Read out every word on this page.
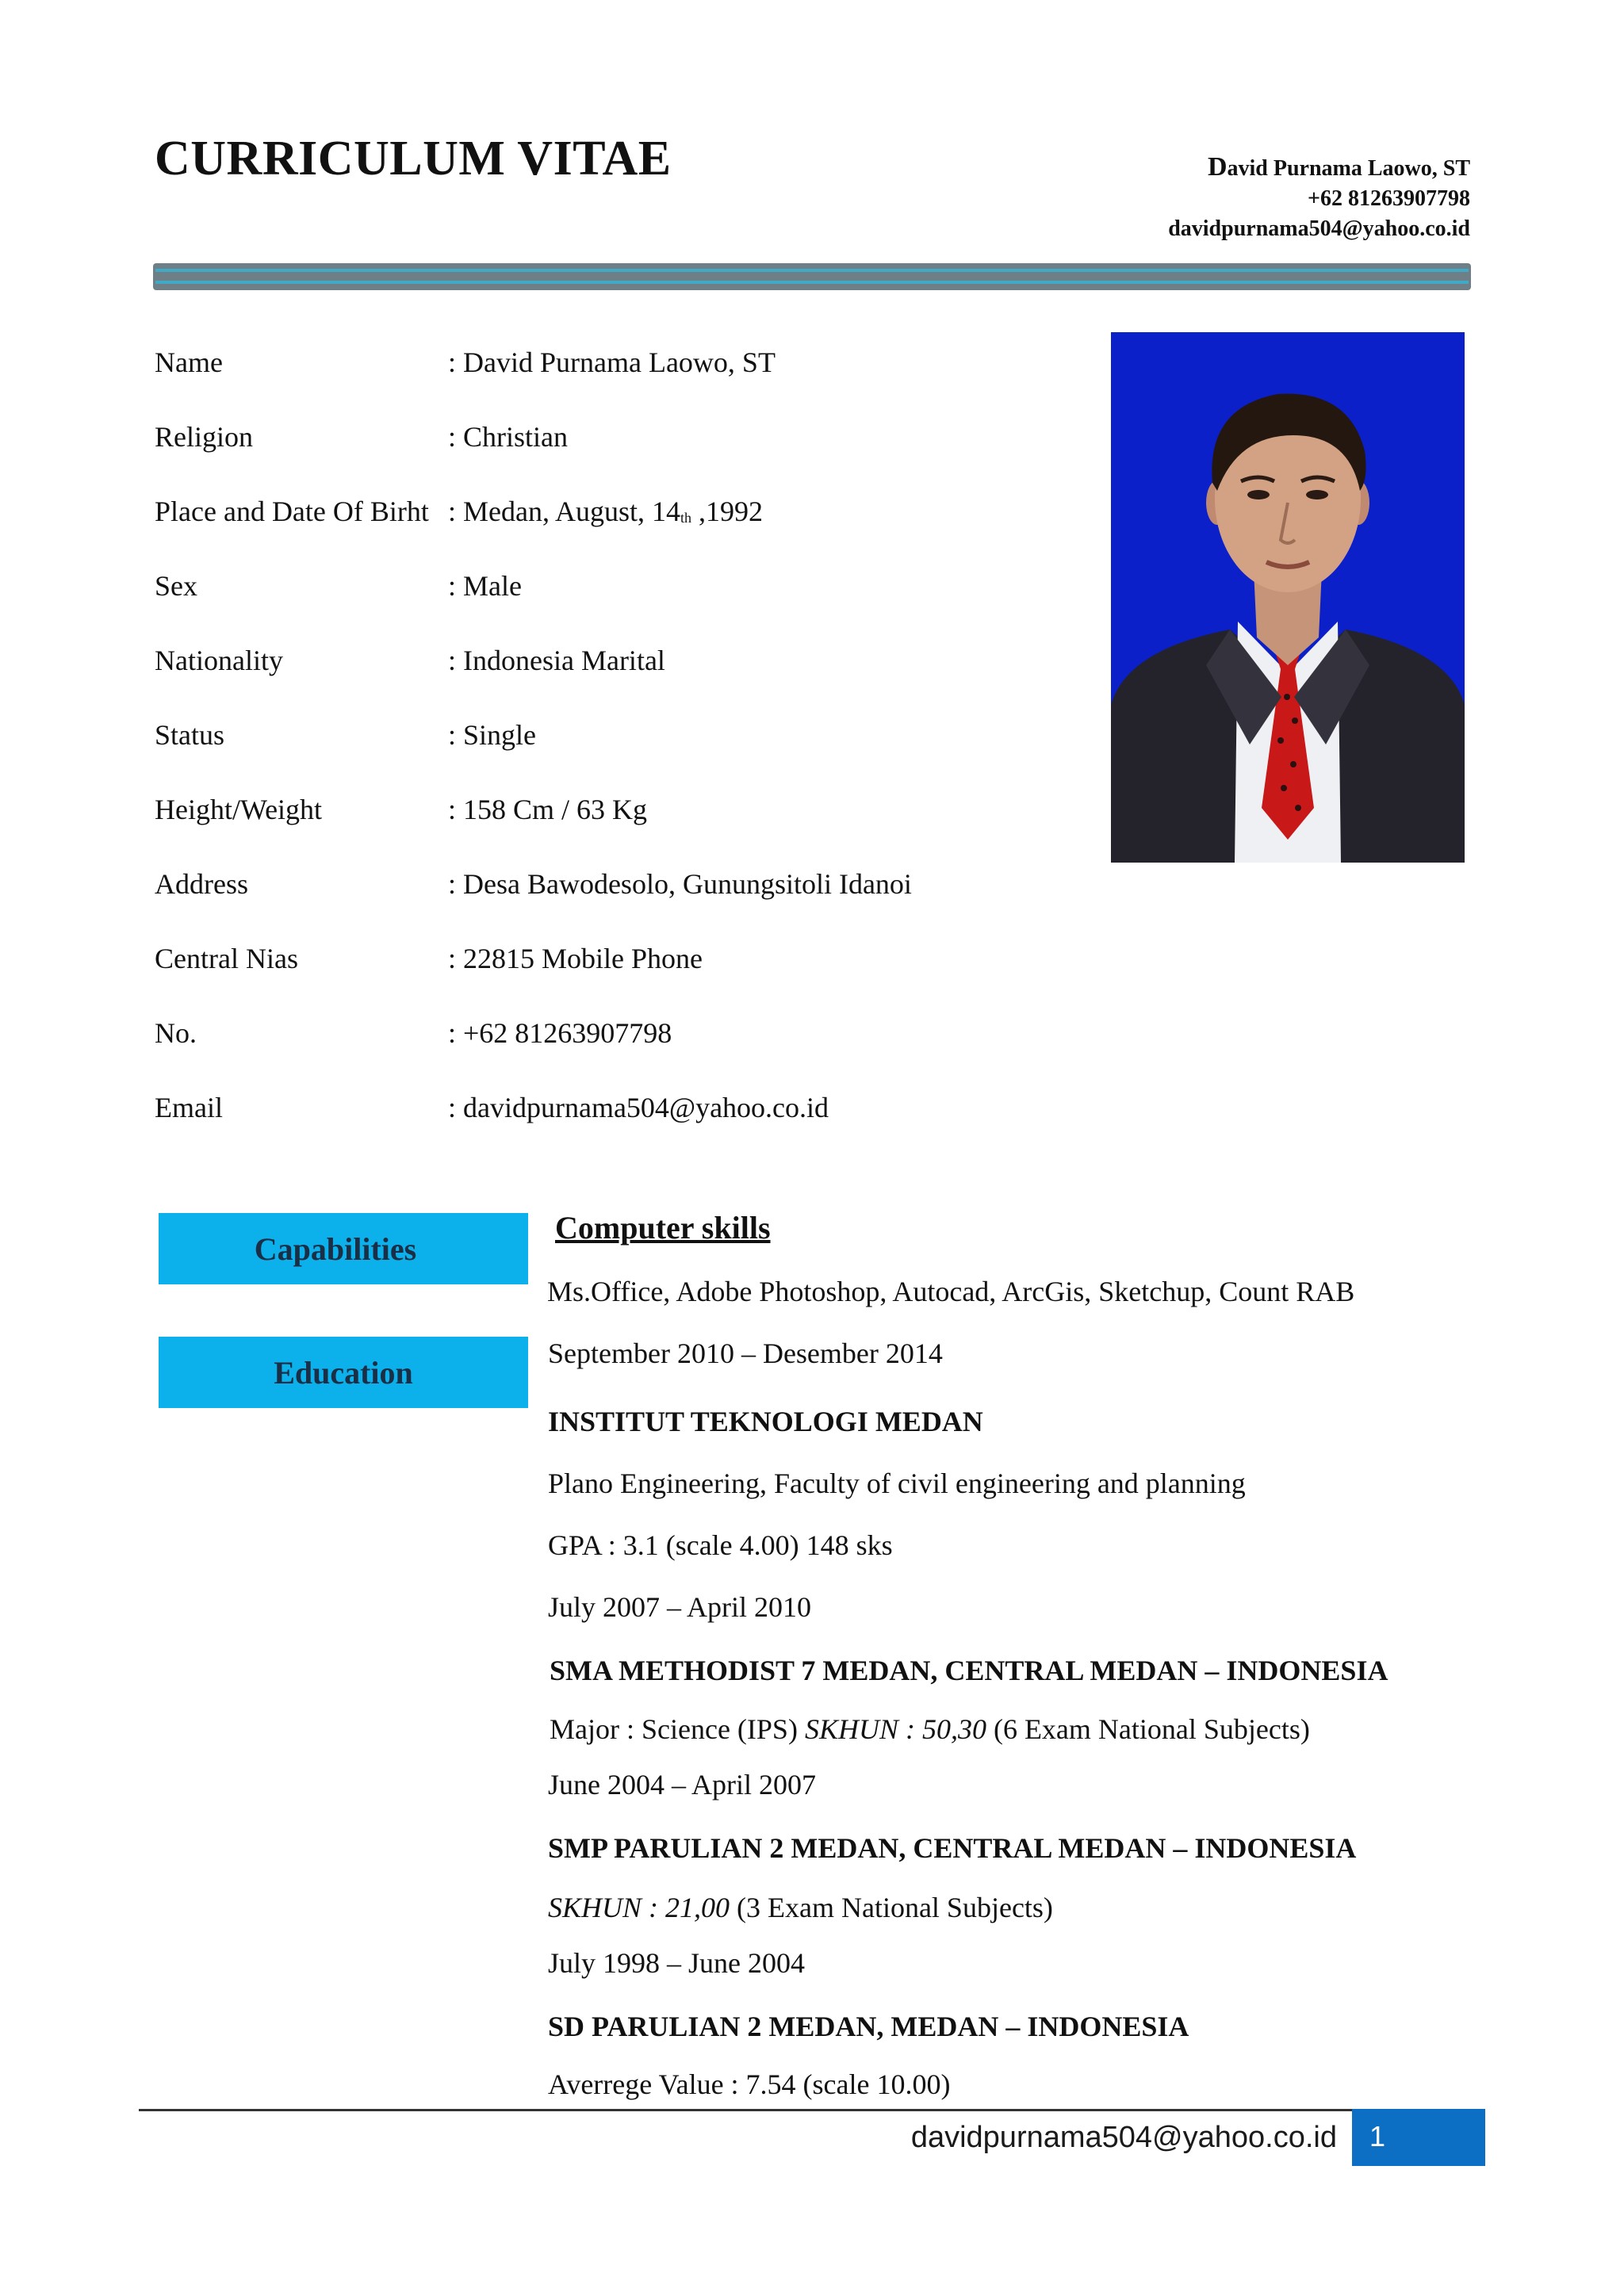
CURRICULUM VITAE	David Purnama Laowo, ST
+62 81263907798
davidpurnama504@yahoo.co.id
Name	: David Purnama Laowo, ST
Religion	: Christian
Place and Date Of Birht : Medan, August, $14_{th}$ ,1992
Sex	: Male
Nationality	: Indonesia Marital
Status	: Single
Height/Weight	: 158 Cm / 63 Kg
Address	: Desa Bawodesolo, Gunungsitoli Idanoi
Central Nias	: 22815 Mobile Phone
No.	: +62 81263907798
Email	: davidpurnama504@yahoo.co.id
Capabilities
Education
Computer skills
Ms.Office, Adobe Photoshop, Autocad, ArcGis, Sketchup, Count RAB
September 2010 – Desember 2014
INSTITUT TEKNOLOGI MEDAN
Plano Engineering, Faculty of civil engineering and planning
GPA : 3.1 (scale 4.00) 148 sks
July 2007 – April 2010
SMA METHODIST 7 MEDAN, CENTRAL MEDAN – INDONESIA
Major : Science (IPS) SKHUN : 50,30 (6 Exam National Subjects)
June 2004 – April 2007
SMP PARULIAN 2 MEDAN, CENTRAL MEDAN – INDONESIA
SKHUN : 21,00 (3 Exam National Subjects)
July 1998 – June 2004
SD PARULIAN 2 MEDAN, MEDAN – INDONESIA
Averrege Value : 7.54 (scale 10.00)
davidpurnama504@yahoo.co.id	1
